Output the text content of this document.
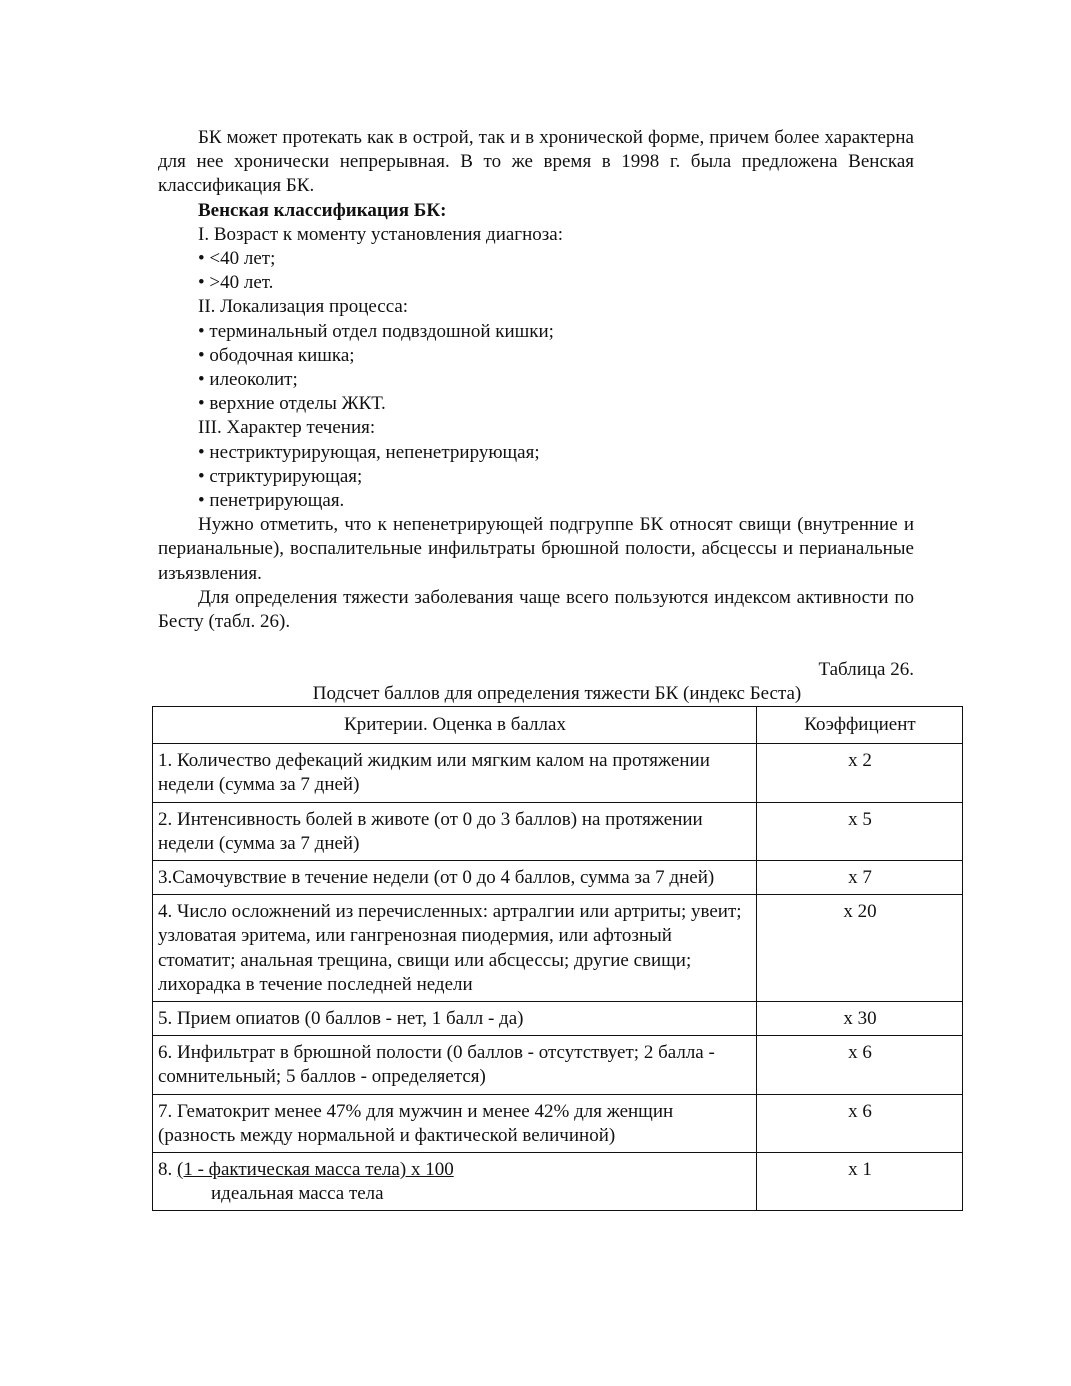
БК может протекать как в острой, так и в хронической форме, причем более характерна для нее хронически непрерывная. В то же время в 1998 г. была предложена Венская классификация БК.

Венская классификация БК:

I. Возраст к моменту установления диагноза:

• <40 лет;

• >40 лет.

II. Локализация процесса:

• терминальный отдел подвздошной кишки;

• ободочная кишка;

• илеоколит;

• верхние отделы ЖКТ.

III. Характер течения:

• нестриктурирующая, непенетрирующая;

• стриктурирующая;

• пенетрирующая.

Нужно отметить, что к непенетрирующей подгруппе БК относят свищи (внутренние и перианальные), воспалительные инфильтраты брюшной полости, абсцессы и перианальные изъязвления.

Для определения тяжести заболевания чаще всего пользуются индексом активности по Бесту (табл. 26).

Таблица 26.
Подсчет баллов для определения тяжести БК (индекс Беста)
Критерии. Оценка в баллах	Коэффициент
1. Количество дефекаций жидким или мягким калом на протяжении недели (сумма за 7 дней)	x 2
2. Интенсивность болей в животе (от 0 до 3 баллов) на протяжении недели (сумма за 7 дней)	x 5
3.Самочувствие в течение недели (от 0 до 4 баллов, сумма за 7 дней)	x 7
4. Число осложнений из перечисленных: артралгии или артриты; увеит; узловатая эритема, или гангренозная пиодермия, или афтозный стоматит; анальная трещина, свищи или абсцессы; другие свищи; лихорадка в течение последней недели	x 20
5. Прием опиатов (0 баллов - нет, 1 балл - да)	x 30
6. Инфильтрат в брюшной полости (0 баллов - отсутствует; 2 балла - сомнительный; 5 баллов - определяется)	x 6
7. Гематокрит менее 47% для мужчин и менее 42% для женщин (разность между нормальной и фактической величиной)	x 6

8. (1 - фактическая масса тела) x 100
идеальная масса тела	x 1
